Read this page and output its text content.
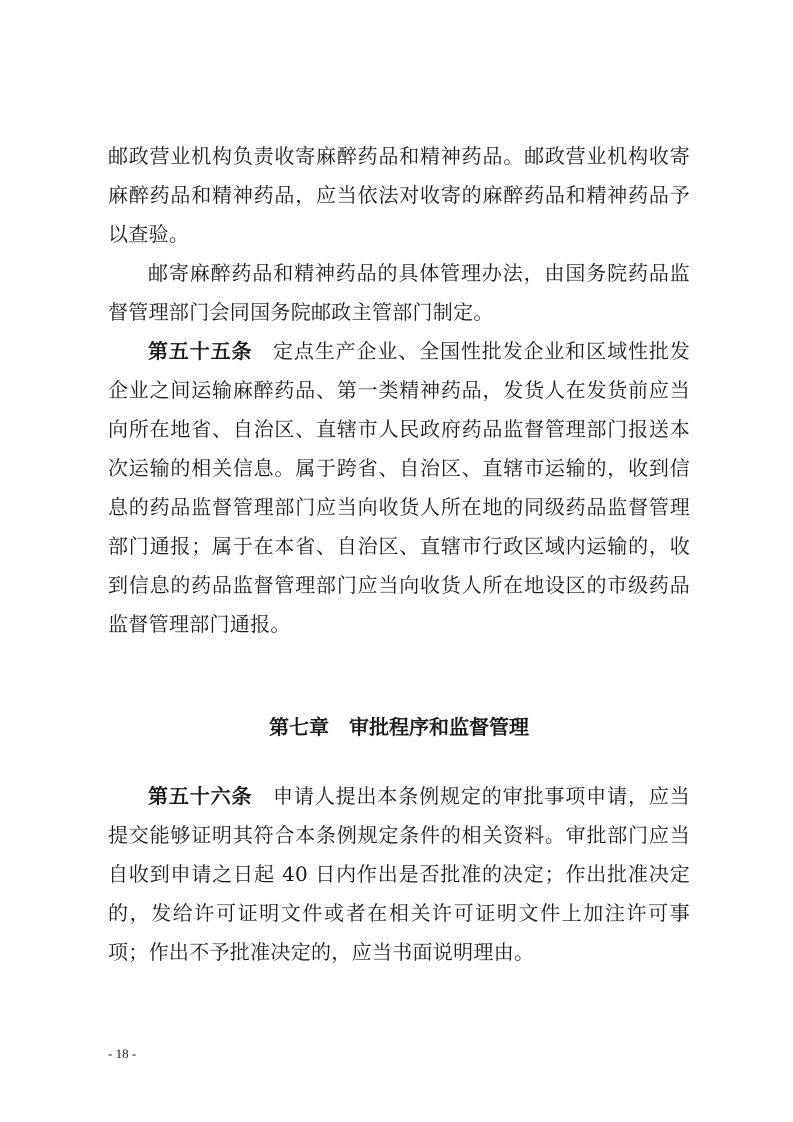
邮政营业机构负责收寄麻醉药品和精神药品。邮政营业机构收寄麻醉药品和精神药品，应当依法对收寄的麻醉药品和精神药品予以查验。

邮寄麻醉药品和精神药品的具体管理办法，由国务院药品监督管理部门会同国务院邮政主管部门制定。

第五十五条 定点生产企业、全国性批发企业和区域性批发企业之间运输麻醉药品、第一类精神药品，发货人在发货前应当向所在地省、自治区、直辖市人民政府药品监督管理部门报送本次运输的相关信息。属于跨省、自治区、直辖市运输的，收到信息的药品监督管理部门应当向收货人所在地的同级药品监督管理部门通报；属于在本省、自治区、直辖市行政区域内运输的，收到信息的药品监督管理部门应当向收货人所在地设区的市级药品监督管理部门通报。

第七章　审批程序和监督管理

第五十六条 申请人提出本条例规定的审批事项申请，应当提交能够证明其符合本条例规定条件的相关资料。审批部门应当自收到申请之日起 40 日内作出是否批准的决定；作出批准决定的，发给许可证明文件或者在相关许可证明文件上加注许可事项；作出不予批准决定的，应当书面说明理由。

- 18 -
